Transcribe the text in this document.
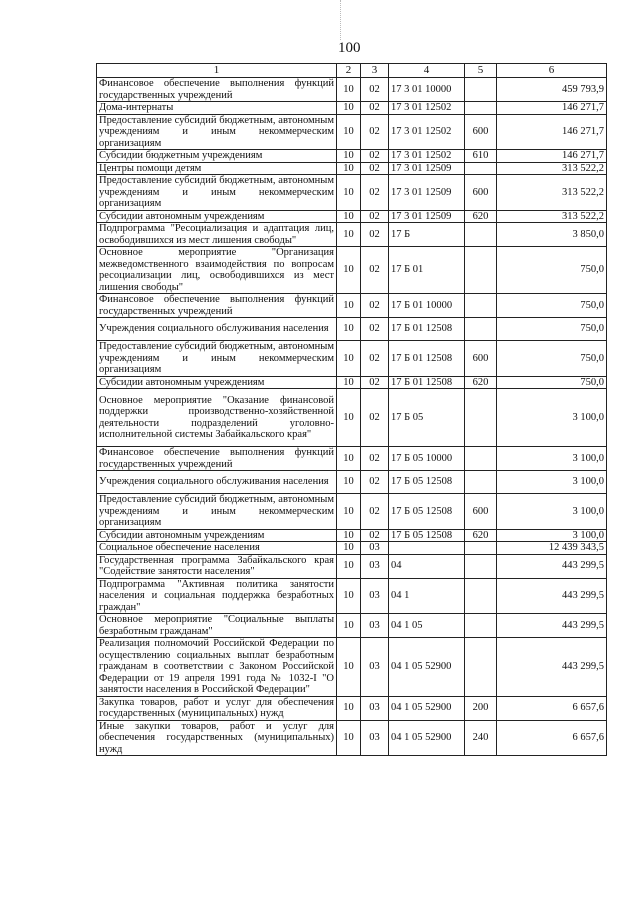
100
1	2	3	4	5	6
Финансовое обеспечение выполнения функций государственных учреждений	10	02	17 3 01 10000		459 793,9
Дома-интернаты	10	02	17 3 01 12502		146 271,7
Предоставление субсидий бюджетным, автономным учреждениям и иным некоммерческим организациям	10	02	17 3 01 12502	600	146 271,7
Субсидии бюджетным учреждениям	10	02	17 3 01 12502	610	146 271,7
Центры помощи детям	10	02	17 3 01 12509		313 522,2
Предоставление субсидий бюджетным, автономным учреждениям и иным некоммерческим организациям	10	02	17 3 01 12509	600	313 522,2
Субсидии автономным учреждениям	10	02	17 3 01 12509	620	313 522,2
Подпрограмма "Ресоциализация и адаптация лиц, освободившихся из мест лишения свободы"	10	02	17 Б		3 850,0
Основное мероприятие "Организация межведомственного взаимодействия по вопросам ресоциализации лиц, освободившихся из мест лишения свободы"	10	02	17 Б 01		750,0
Финансовое обеспечение выполнения функций государственных учреждений	10	02	17 Б 01 10000		750,0
Учреждения социального обслуживания населения	10	02	17 Б 01 12508		750,0
Предоставление субсидий бюджетным, автономным учреждениям и иным некоммерческим организациям	10	02	17 Б 01 12508	600	750,0
Субсидии автономным учреждениям	10	02	17 Б 01 12508	620	750,0
Основное мероприятие "Оказание финансовой поддержки производственно-хозяйственной деятельности подразделений уголовно-исполнительной системы Забайкальского края"	10	02	17 Б 05		3 100,0
Финансовое обеспечение выполнения функций государственных учреждений	10	02	17 Б 05 10000		3 100,0
Учреждения социального обслуживания населения	10	02	17 Б 05 12508		3 100,0
Предоставление субсидий бюджетным, автономным учреждениям и иным некоммерческим организациям	10	02	17 Б 05 12508	600	3 100,0
Субсидии автономным учреждениям	10	02	17 Б 05 12508	620	3 100,0
Социальное обеспечение населения	10	03			12 439 343,5
Государственная программа Забайкальского края "Содействие занятости населения"	10	03	04		443 299,5
Подпрограмма "Активная политика занятости населения и социальная поддержка безработных граждан"	10	03	04 1		443 299,5
Основное мероприятие "Социальные выплаты безработным гражданам"	10	03	04 1 05		443 299,5
Реализация полномочий Российской Федерации по осуществлению социальных выплат безработным гражданам в соответствии с Законом Российской Федерации от 19 апреля 1991 года № 1032-I "О занятости населения в Российской Федерации"	10	03	04 1 05 52900		443 299,5
Закупка товаров, работ и услуг для обеспечения государственных (муниципальных) нужд	10	03	04 1 05 52900	200	6 657,6
Иные закупки товаров, работ и услуг для обеспечения государственных (муниципальных) нужд	10	03	04 1 05 52900	240	6 657,6
